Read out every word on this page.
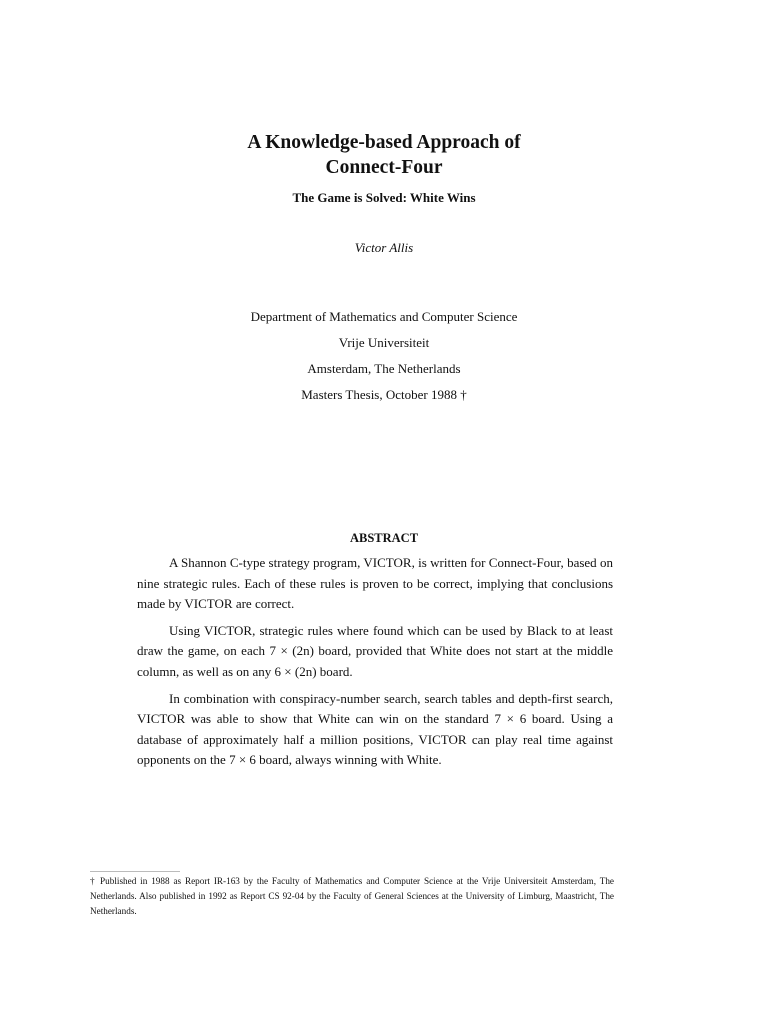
A Knowledge-based Approach of
Connect-Four
The Game is Solved: White Wins
Victor Allis
Department of Mathematics and Computer Science
Vrije Universiteit
Amsterdam, The Netherlands
Masters Thesis, October 1988 †
ABSTRACT

A Shannon C-type strategy program, VICTOR, is written for Connect-Four, based on nine strategic rules. Each of these rules is proven to be correct, implying that conclusions made by VICTOR are correct.

Using VICTOR, strategic rules where found which can be used by Black to at least draw the game, on each 7 × (2n) board, provided that White does not start at the middle column, as well as on any 6 × (2n) board.

In combination with conspiracy-number search, search tables and depth-first search, VICTOR was able to show that White can win on the standard 7 × 6 board. Using a database of approximately half a million positions, VICTOR can play real time against opponents on the 7 × 6 board, always winning with White.

† Published in 1988 as Report IR-163 by the Faculty of Mathematics and Computer Science at the Vrije Universiteit Amsterdam, The Netherlands. Also published in 1992 as Report CS 92-04 by the Faculty of General Sciences at the University of Limburg, Maastricht, The Netherlands.
